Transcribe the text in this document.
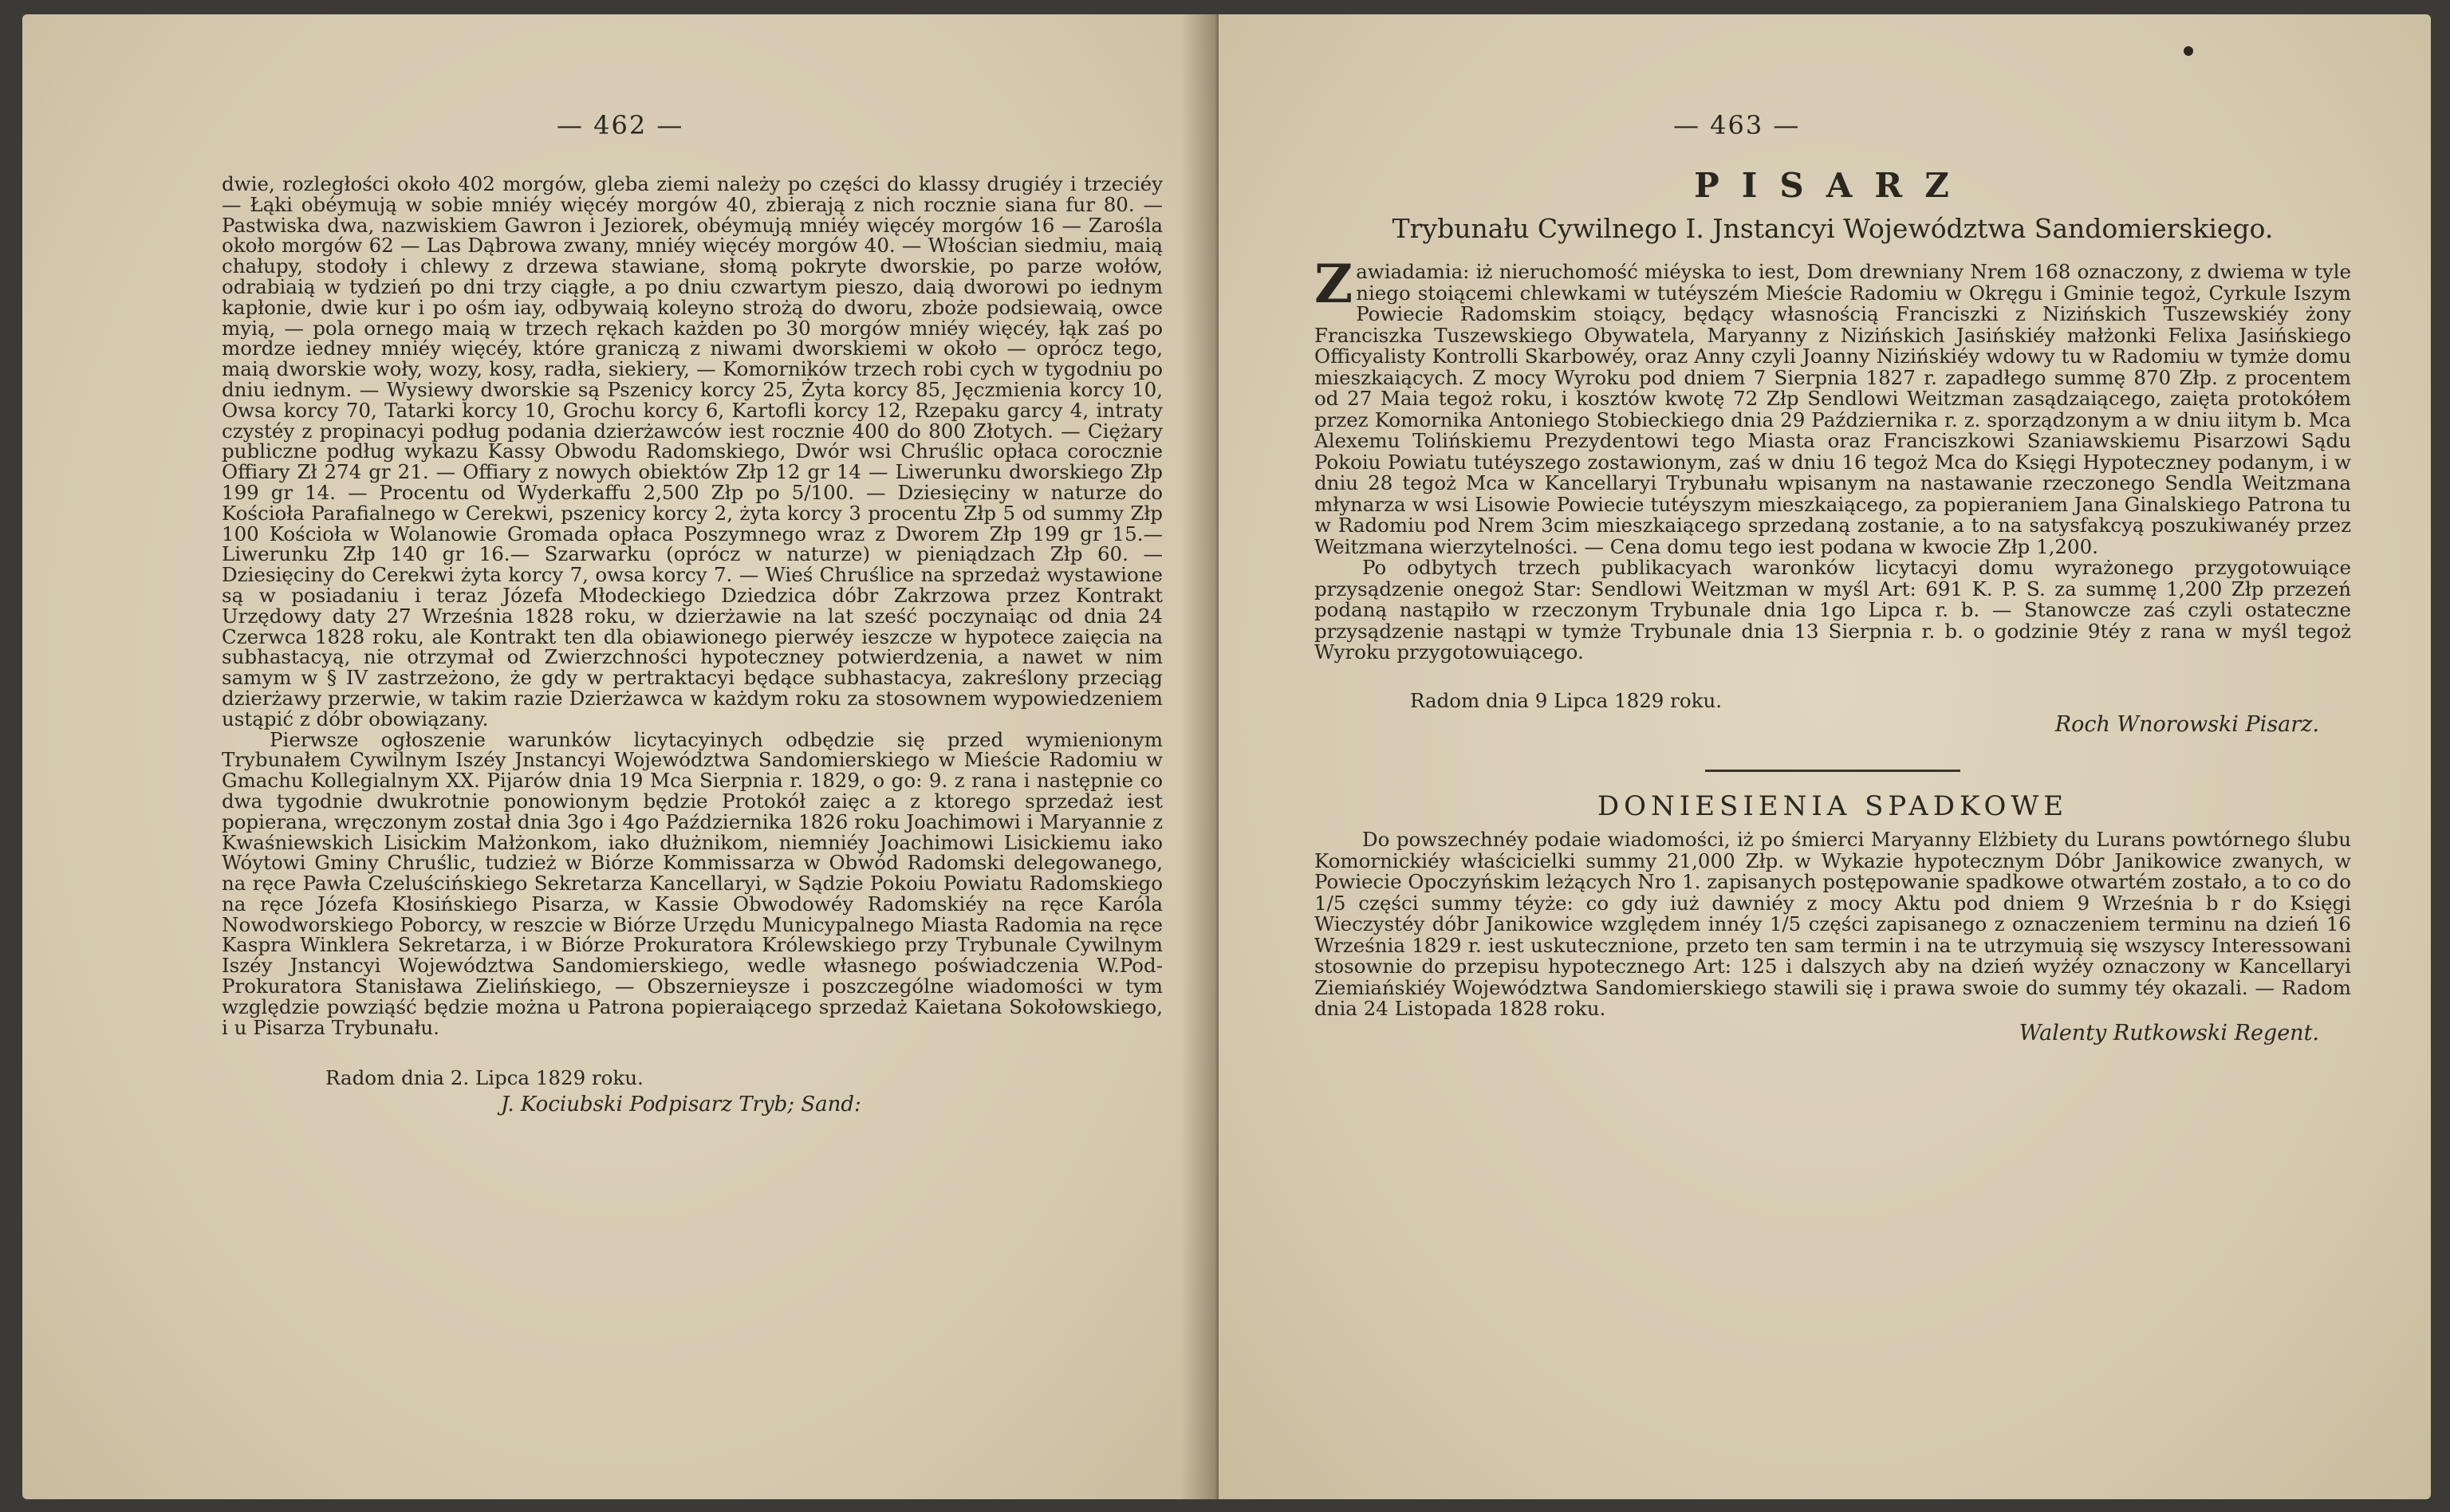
— 462 —

dwie, rozległości około 402 morgów, gleba ziemi należy po części do klassy drugiéy i trzeciéy — Łąki obéymują w sobie mniéy więcéy morgów 40, zbierają z nich rocznie siana fur 80. — Pastwiska dwa, nazwiskiem Gawron i Jeziorek, obéymują mniéy więcéy morgów 16 — Zarośla około morgów 62 — Las Dąbrowa zwany, mniéy więcéy morgów 40. — Włościan siedmiu, maią chałupy, stodoły i chlewy z drzewa stawiane, słomą pokryte dworskie, po parze wołów, odrabiaią w tydzień po dni trzy ciągłe, a po dniu czwartym pieszo, daią dworowi po iednym kapłonie, dwie kur i po ośm iay, odbywaią koleyno strożą do dworu, zboże podsiewaią, owce myią, — pola ornego maią w trzech rękach każden po 30 morgów mniéy więcéy, łąk zaś po mordze iedney mniéy więcéy, które graniczą z niwami dworskiemi w około — oprócz tego, maią dworskie woły, wozy, kosy, radła, siekiery, — Komorników trzech robi cych w tygodniu po dniu iednym. — Wysiewy dworskie są Pszenicy korcy 25, Żyta korcy 85, Jęczmienia korcy 10, Owsa korcy 70, Tatarki korcy 10, Grochu korcy 6, Kartofli korcy 12, Rzepaku garcy 4, intraty czystéy z propinacyi podług podania dzierżawców iest rocznie 400 do 800 Złotych. — Ciężary publiczne podług wykazu Kassy Obwodu Radomskiego, Dwór wsi Chruślic opłaca corocznie Offiary Zł 274 gr 21. — Offiary z nowych obiektów Złp 12 gr 14 — Liwerunku dworskiego Złp 199 gr 14. — Procentu od Wyderkaffu 2,500 Złp po 5/100. — Dziesięciny w naturze do Kościoła Parafialnego w Cerekwi, pszenicy korcy 2, żyta korcy 3 procentu Złp 5 od summy Złp 100 Kościoła w Wolanowie Gromada opłaca Poszymnego wraz z Dworem Złp 199 gr 15.—Liwerunku Złp 140 gr 16.— Szarwarku (oprócz w naturze) w pieniądzach Złp 60. — Dziesięciny do Cerekwi żyta korcy 7, owsa korcy 7. — Wieś Chruślice na sprzedaż wystawione są w posiadaniu i teraz Józefa Młodeckiego Dziedzica dóbr Zakrzowa przez Kontrakt Urzędowy daty 27 Września 1828 roku, w dzierżawie na lat sześć poczynaiąc od dnia 24 Czerwca 1828 roku, ale Kontrakt ten dla obiawionego pierwéy ieszcze w hypotece zaięcia na subhastacyą, nie otrzymał od Zwierzchności hypoteczney potwierdzenia, a nawet w nim samym w § IV zastrzeżono, że gdy w pertraktacyi będące subhastacya, zakreślony przeciąg dzierżawy przerwie, w takim razie Dzierżawca w każdym roku za stosownem wypowiedzeniem ustąpić z dóbr obowiązany.

Pierwsze ogłoszenie warunków licytacyinych odbędzie się przed wymienionym Trybunałem Cywilnym Iszéy Jnstancyi Województwa Sandomierskiego w Mieście Radomiu w Gmachu Kollegialnym XX. Pijarów dnia 19 Mca Sierpnia r. 1829, o go: 9. z rana i następnie co dwa tygodnie dwukrotnie ponowionym będzie Protokół zaięc a z ktorego sprzedaż iest popierana, wręczonym został dnia 3go i 4go Października 1826 roku Joachimowi i Maryannie z Kwaśniewskich Lisickim Małżonkom, iako dłużnikom, niemniéy Joachimowi Lisickiemu iako Wóytowi Gminy Chruślic, tudzież w Biórze Kommissarza w Obwód Radomski delegowanego, na ręce Pawła Czeluścińskiego Sekretarza Kancellaryi, w Sądzie Pokoiu Powiatu Radomskiego na ręce Józefa Kłosińskiego Pisarza, w Kassie Obwodowéy Radomskiéy na ręce Karóla Nowodworskiego Poborcy, w reszcie w Biórze Urzędu Municypalnego Miasta Radomia na ręce Kaspra Winklera Sekretarza, i w Biórze Prokuratora Królewskiego przy Trybunale Cywilnym Iszéy Jnstancyi Województwa Sandomierskiego, wedle własnego poświadczenia W.Pod-Prokuratora Stanisława Zielińskiego, — Obszernieysze i poszczególne wiadomości w tym względzie powziąść będzie można u Patrona popieraiącego sprzedaż Kaietana Sokołowskiego, i u Pisarza Trybunału.

Radom dnia 2. Lipca 1829 roku.
J. Kociubski Podpisarz Tryb; Sand:
— 463 —
PISARZ
Trybunału Cywilnego I. Jnstancyi Województwa Sandomierskiego.

Zawiadamia: iż nieruchomość miéyska to iest, Dom drewniany Nrem 168 oznaczony, z dwiema w tyle niego stoiącemi chlewkami w tutéyszém Mieście Radomiu w Okręgu i Gminie tegoż, Cyrkule Iszym Powiecie Radomskim stoiący, będący własnością Franciszki z Nizińskich Tuszewskiéy żony Franciszka Tuszewskiego Obywatela, Maryanny z Nizińskich Jasińskiéy małżonki Felixa Jasińskiego Officyalisty Kontrolli Skarbowéy, oraz Anny czyli Joanny Nizińskiéy wdowy tu w Radomiu w tymże domu mieszkaiących. Z mocy Wyroku pod dniem 7 Sierpnia 1827 r. zapadłego summę 870 Złp. z procentem od 27 Maia tegoż roku, i kosztów kwotę 72 Złp Sendlowi Weitzman zasądzaiącego, zaięta protokółem przez Komornika Antoniego Stobieckiego dnia 29 Października r. z. sporządzonym a w dniu iitym b. Mca Alexemu Tolińskiemu Prezydentowi tego Miasta oraz Franciszkowi Szaniawskiemu Pisarzowi Sądu Pokoiu Powiatu tutéyszego zostawionym, zaś w dniu 16 tegoż Mca do Księgi Hypoteczney podanym, i w dniu 28 tegoż Mca w Kancellaryi Trybunału wpisanym na nastawanie rzeczonego Sendla Weitzmana młynarza w wsi Lisowie Powiecie tutéyszym mieszkaiącego, za popieraniem Jana Ginalskiego Patrona tu w Radomiu pod Nrem 3cim mieszkaiącego sprzedaną zostanie, a to na satysfakcyą poszukiwanéy przez Weitzmana wierzytelności. — Cena domu tego iest podana w kwocie Złp 1,200.

Po odbytych trzech publikacyach waronków licytacyi domu wyrażonego przygotowuiące przysądzenie onegoż Star: Sendlowi Weitzman w myśl Art: 691 K. P. S. za summę 1,200 Złp przezeń podaną nastąpiło w rzeczonym Trybunale dnia 1go Lipca r. b. — Stanowcze zaś czyli ostateczne przysądzenie nastąpi w tymże Trybunale dnia 13 Sierpnia r. b. o godzinie 9téy z rana w myśl tegoż Wyroku przygotowuiącego.

Radom dnia 9 Lipca 1829 roku.
Roch Wnorowski Pisarz.
DONIESIENIA SPADKOWE

Do powszechnéy podaie wiadomości, iż po śmierci Maryanny Elżbiety du Lurans powtórnego ślubu Komornickiéy właścicielki summy 21,000 Złp. w Wykazie hypotecznym Dóbr Janikowice zwanych, w Powiecie Opoczyńskim leżących Nro 1. zapisanych postępowanie spadkowe otwartém zostało, a to co do 1/5 części summy téyże: co gdy iuż dawniéy z mocy Aktu pod dniem 9 Września b r do Księgi Wieczystéy dóbr Janikowice względem innéy 1/5 części zapisanego z oznaczeniem terminu na dzień 16 Września 1829 r. iest uskutecznione, przeto ten sam termin i na te utrzymuią się wszyscy Interessowani stosownie do przepisu hypotecznego Art: 125 i dalszych aby na dzień wyżéy oznaczony w Kancellaryi Ziemiańskiéy Województwa Sandomierskiego stawili się i prawa swoie do summy téy okazali. — Radom dnia 24 Listopada 1828 roku.

Walenty Rutkowski Regent.
